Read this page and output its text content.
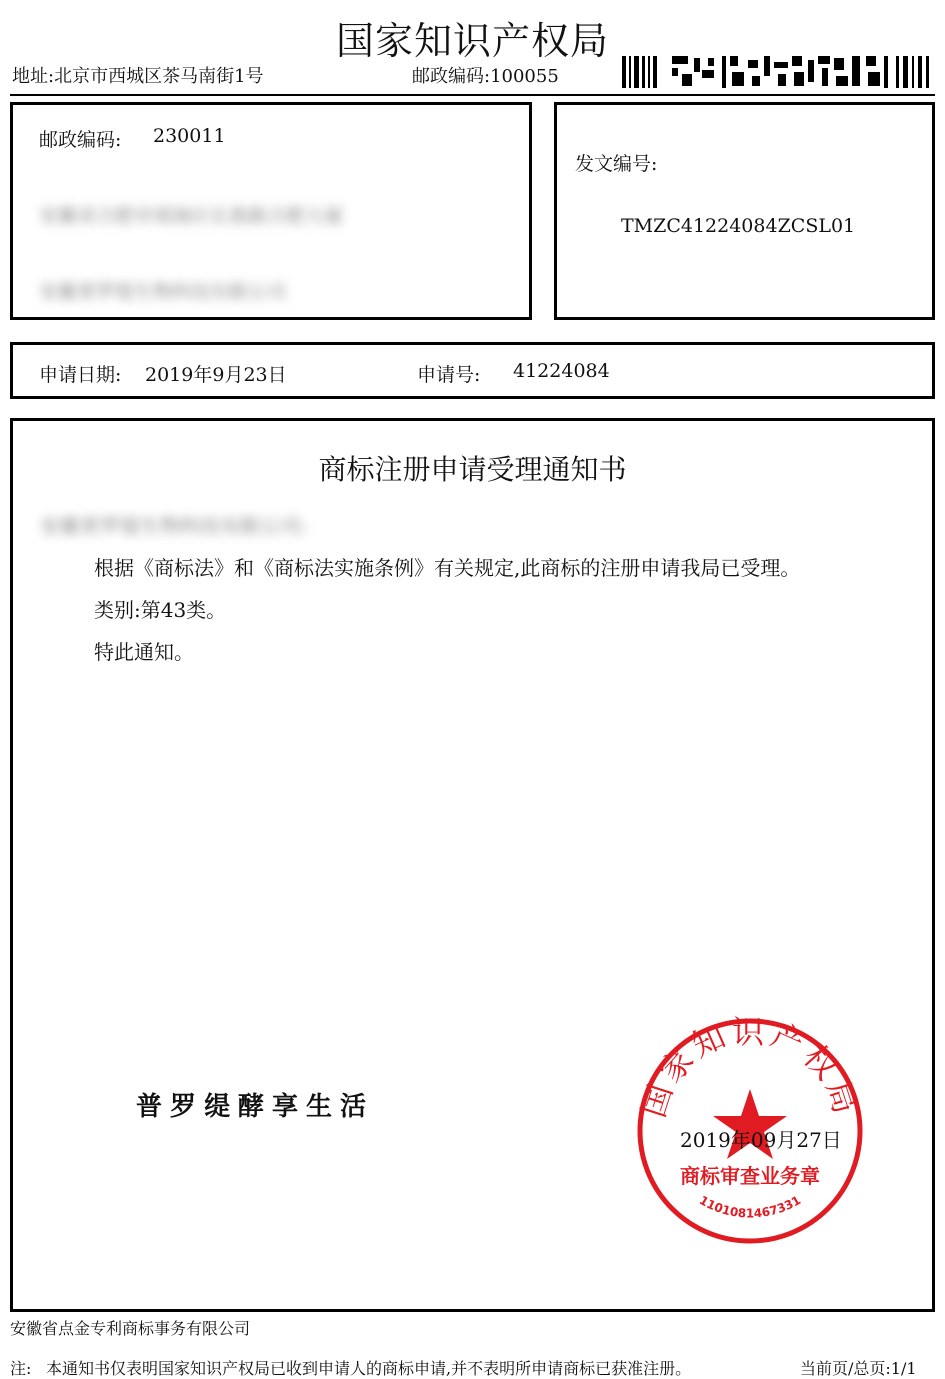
国家知识产权局
地址:北京市西城区茶马南街1号	邮政编码:100055
邮政编码: 230011
安徽省合肥市瑶海区长淮路合肥大厦
安徽普罗缇生物科技有限公司
发文编号:
TMZC41224084ZCSL01
申请日期: 2019年9月23日	申请号: 41224084
商标注册申请受理通知书
安徽普罗缇生物科技有限公司:
根据《商标法》和《商标法实施条例》有关规定,此商标的注册申请我局已受理。
类别:第43类。
特此通知。
普罗缇酵享生活	国家知识产权局
商标审查业务章
1101081467331
2019年09月27日
安徽省点金专利商标事务有限公司
注: 本通知书仅表明国家知识产权局已收到申请人的商标申请,并不表明所申请商标已获准注册。	当前页/总页:1/1
